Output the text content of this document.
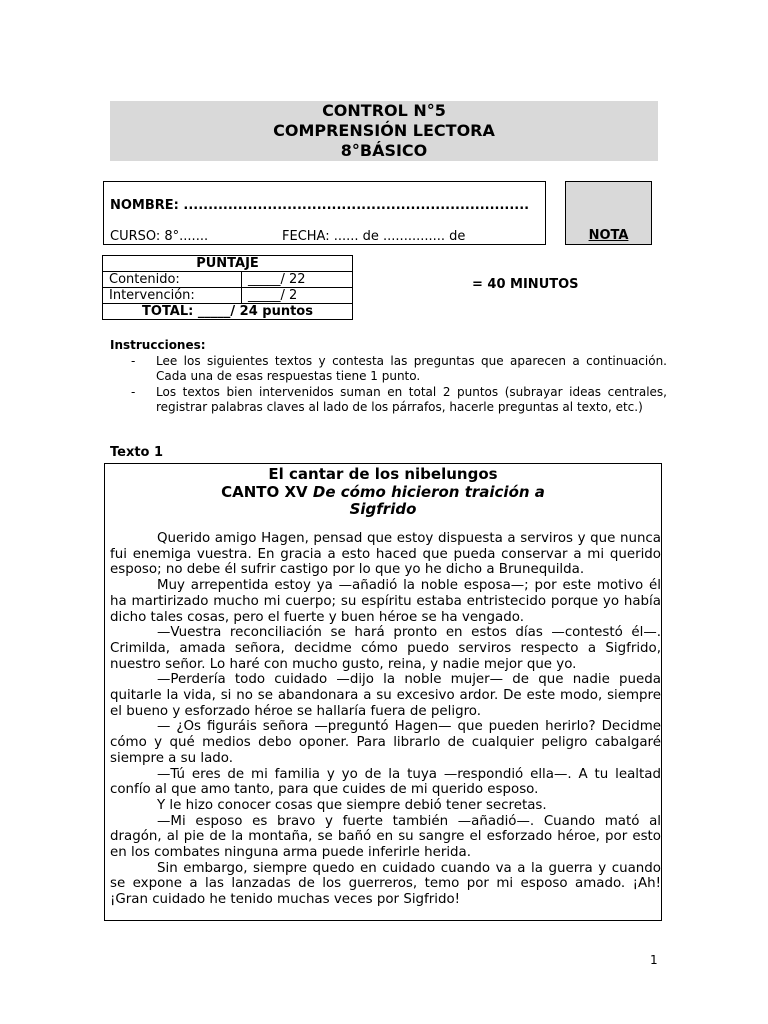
CONTROL N°5
COMPRENSIÓN LECTORA
8°BÁSICO
NOMBRE: ......................................................................
CURSO: 8°.......	FECHA: ...... de ............... de	NOTA
PUNTAJE	
Contenido:	_____/ 22
Intervención:	_____/ 2
TOTAL: _____/ 24 puntos	
= 40 MINUTOS
Instrucciones:
- Lee los siguientes textos y contesta las preguntas que aparecen a continuación. Cada una de esas respuestas tiene 1 punto.
- Los textos bien intervenidos suman en total 2 puntos (subrayar ideas centrales, registrar palabras claves al lado de los párrafos, hacerle preguntas al texto, etc.)
Texto 1
El cantar de los nibelungos
CANTO XV De cómo hicieron traición a
Sigfrido

Querido amigo Hagen, pensad que estoy dispuesta a serviros y que nunca fui enemiga vuestra. En gracia a esto haced que pueda conservar a mi querido esposo; no debe él sufrir castigo por lo que yo he dicho a Brunequilda.

Muy arrepentida estoy ya —añadió la noble esposa—; por este motivo él ha martirizado mucho mi cuerpo; su espíritu estaba entristecido porque yo había dicho tales cosas, pero el fuerte y buen héroe se ha vengado.

—Vuestra reconciliación se hará pronto en estos días —contestó él—. Crimilda, amada señora, decidme cómo puedo serviros respecto a Sigfrido, nuestro señor. Lo haré con mucho gusto, reina, y nadie mejor que yo.

—Perdería todo cuidado —dijo la noble mujer— de que nadie pueda quitarle la vida, si no se abandonara a su excesivo ardor. De este modo, siempre el bueno y esforzado héroe se hallaría fuera de peligro.

— ¿Os figuráis señora —preguntó Hagen— que pueden herirlo? Decidme cómo y qué medios debo oponer. Para librarlo de cualquier peligro cabalgaré siempre a su lado.

—Tú eres de mi familia y yo de la tuya —respondió ella—. A tu lealtad confío al que amo tanto, para que cuides de mi querido esposo.

Y le hizo conocer cosas que siempre debió tener secretas.

—Mi esposo es bravo y fuerte también —añadió—. Cuando mató al dragón, al pie de la montaña, se bañó en su sangre el esforzado héroe, por esto en los combates ninguna arma puede inferirle herida.

Sin embargo, siempre quedo en cuidado cuando va a la guerra y cuando se expone a las lanzadas de los guerreros, temo por mi esposo amado. ¡Ah! ¡Gran cuidado he tenido muchas veces por Sigfrido!

1
